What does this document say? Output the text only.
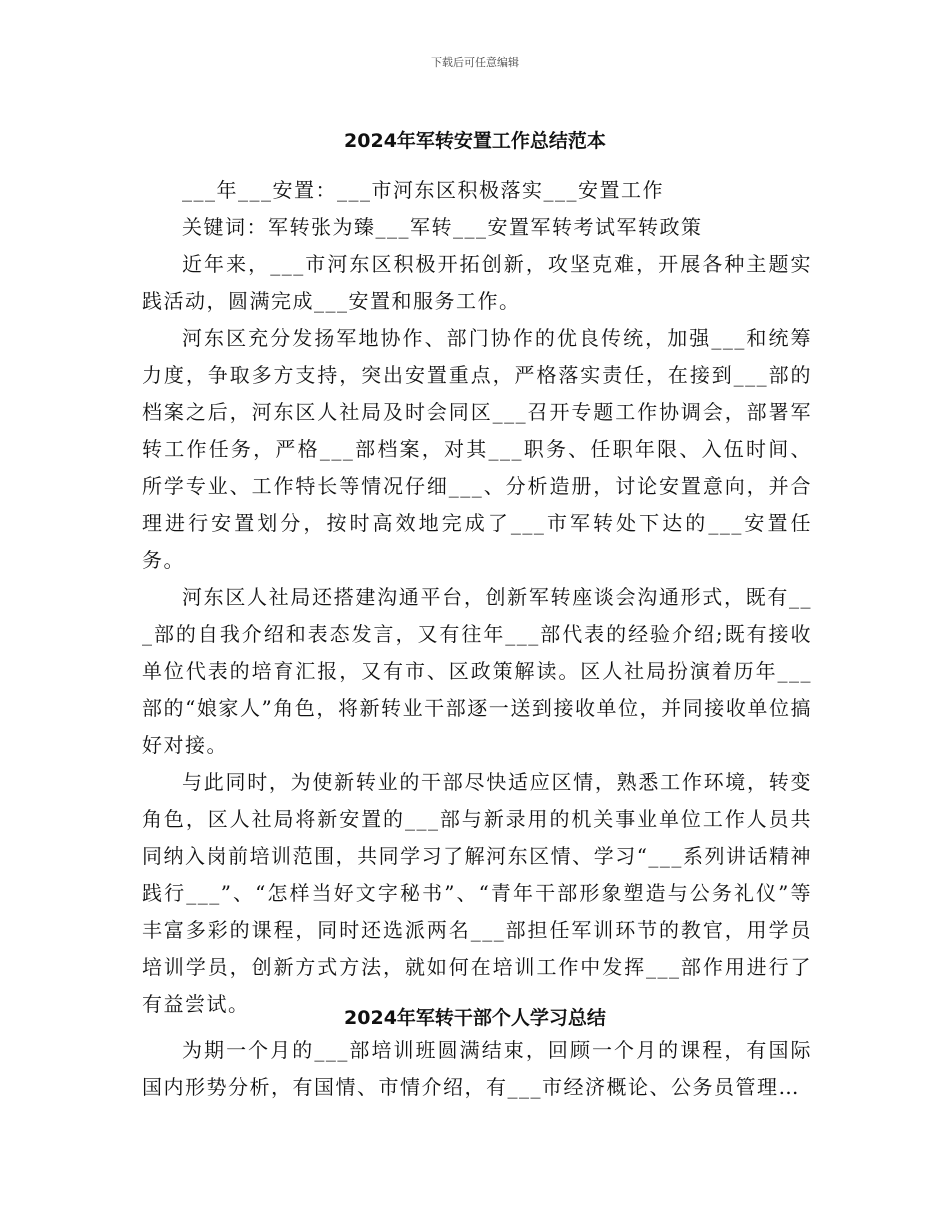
下载后可任意编辑
2024年军转安置工作总结范本

___年___安置：___市河东区积极落实___安置工作

关键词：军转张为臻___军转___安置军转考试军转政策

近年来，___市河东区积极开拓创新，攻坚克难，开展各种主题实践活动，圆满完成___安置和服务工作。

河东区充分发扬军地协作、部门协作的优良传统，加强___和统筹力度，争取多方支持，突出安置重点，严格落实责任，在接到___部的档案之后，河东区人社局及时会同区___召开专题工作协调会，部署军转工作任务，严格___部档案，对其___职务、任职年限、入伍时间、所学专业、工作特长等情况仔细___、分析造册，讨论安置意向，并合理进行安置划分，按时高效地完成了___市军转处下达的___安置任务。

河东区人社局还搭建沟通平台，创新军转座谈会沟通形式，既有___部的自我介绍和表态发言，又有往年___部代表的经验介绍;既有接收单位代表的培育汇报，又有市、区政策解读。区人社局扮演着历年___部的“娘家人”角色，将新转业干部逐一送到接收单位，并同接收单位搞好对接。

与此同时，为使新转业的干部尽快适应区情，熟悉工作环境，转变角色，区人社局将新安置的___部与新录用的机关事业单位工作人员共同纳入岗前培训范围，共同学习了解河东区情、学习“___系列讲话精神践行___”、“怎样当好文字秘书”、“青年干部形象塑造与公务礼仪”等丰富多彩的课程，同时还选派两名___部担任军训环节的教官，用学员培训学员，创新方式方法，就如何在培训工作中发挥___部作用进行了有益尝试。

2024年军转干部个人学习总结

为期一个月的___部培训班圆满结束，回顾一个月的课程，有国际国内形势分析，有国情、市情介绍，有___市经济概论、公务员管理…
